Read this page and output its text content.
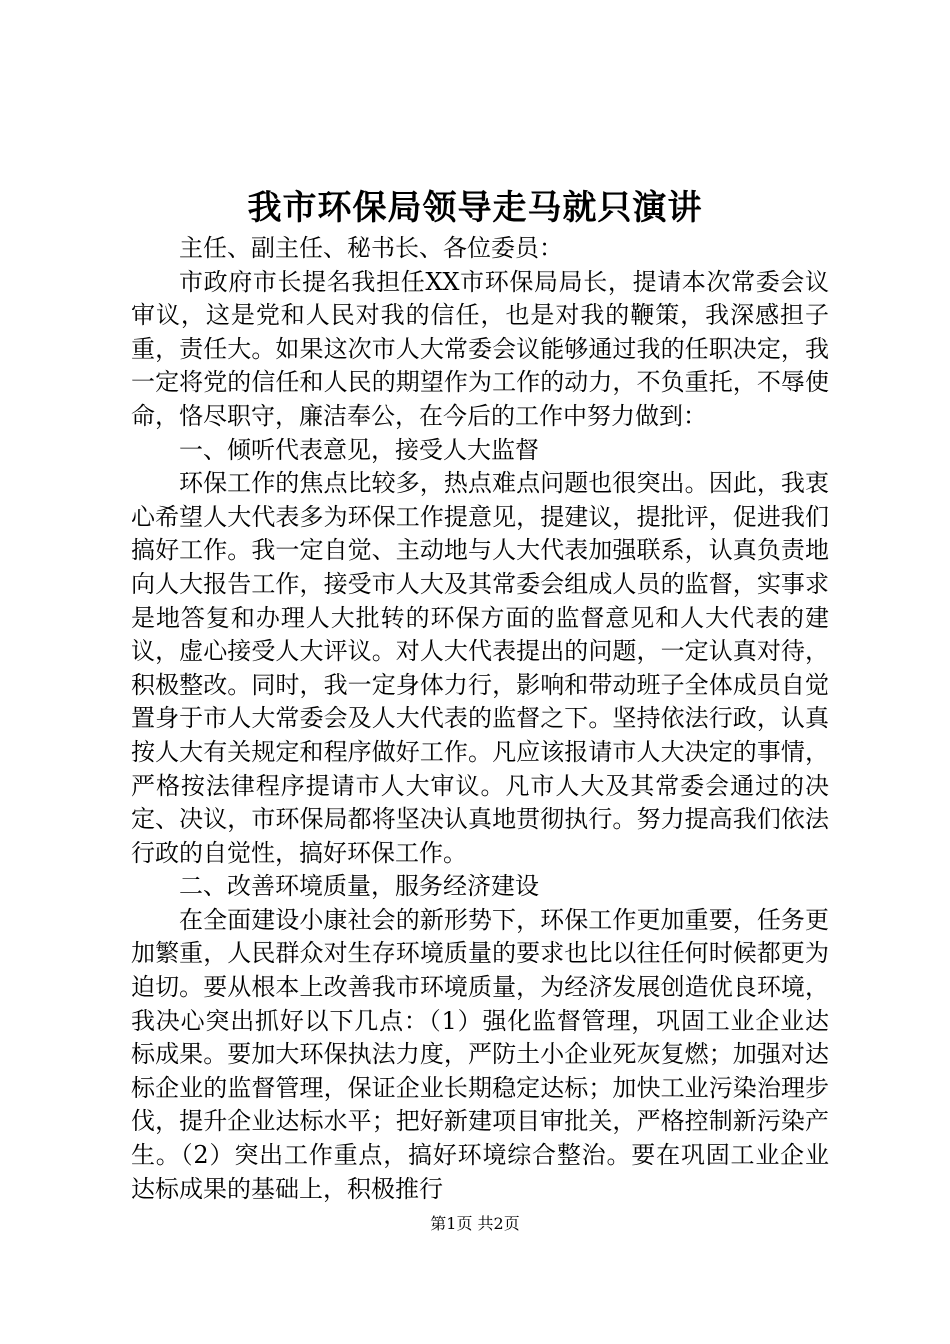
我市环保局领导走马就只演讲

主任、副主任、秘书长、各位委员：

市政府市长提名我担任XX市环保局局长，提请本次常委会议审议，这是党和人民对我的信任，也是对我的鞭策，我深感担子重，责任大。如果这次市人大常委会议能够通过我的任职决定，我一定将党的信任和人民的期望作为工作的动力，不负重托，不辱使命，恪尽职守，廉洁奉公，在今后的工作中努力做到：

一、倾听代表意见，接受人大监督

环保工作的焦点比较多，热点难点问题也很突出。因此，我衷心希望人大代表多为环保工作提意见，提建议，提批评，促进我们搞好工作。我一定自觉、主动地与人大代表加强联系，认真负责地向人大报告工作，接受市人大及其常委会组成人员的监督，实事求是地答复和办理人大批转的环保方面的监督意见和人大代表的建议，虚心接受人大评议。对人大代表提出的问题，一定认真对待，积极整改。同时，我一定身体力行，影响和带动班子全体成员自觉置身于市人大常委会及人大代表的监督之下。坚持依法行政，认真按人大有关规定和程序做好工作。凡应该报请市人大决定的事情，严格按法律程序提请市人大审议。凡市人大及其常委会通过的决定、决议，市环保局都将坚决认真地贯彻执行。努力提高我们依法行政的自觉性，搞好环保工作。

二、改善环境质量，服务经济建设

在全面建设小康社会的新形势下，环保工作更加重要，任务更加繁重，人民群众对生存环境质量的要求也比以往任何时候都更为迫切。要从根本上改善我市环境质量，为经济发展创造优良环境，我决心突出抓好以下几点：（1）强化监督管理，巩固工业企业达标成果。要加大环保执法力度，严防土小企业死灰复燃；加强对达标企业的监督管理，保证企业长期稳定达标；加快工业污染治理步伐，提升企业达标水平；把好新建项目审批关，严格控制新污染产生。（2）突出工作重点，搞好环境综合整治。要在巩固工业企业达标成果的基础上，积极推行

第1页 共2页
